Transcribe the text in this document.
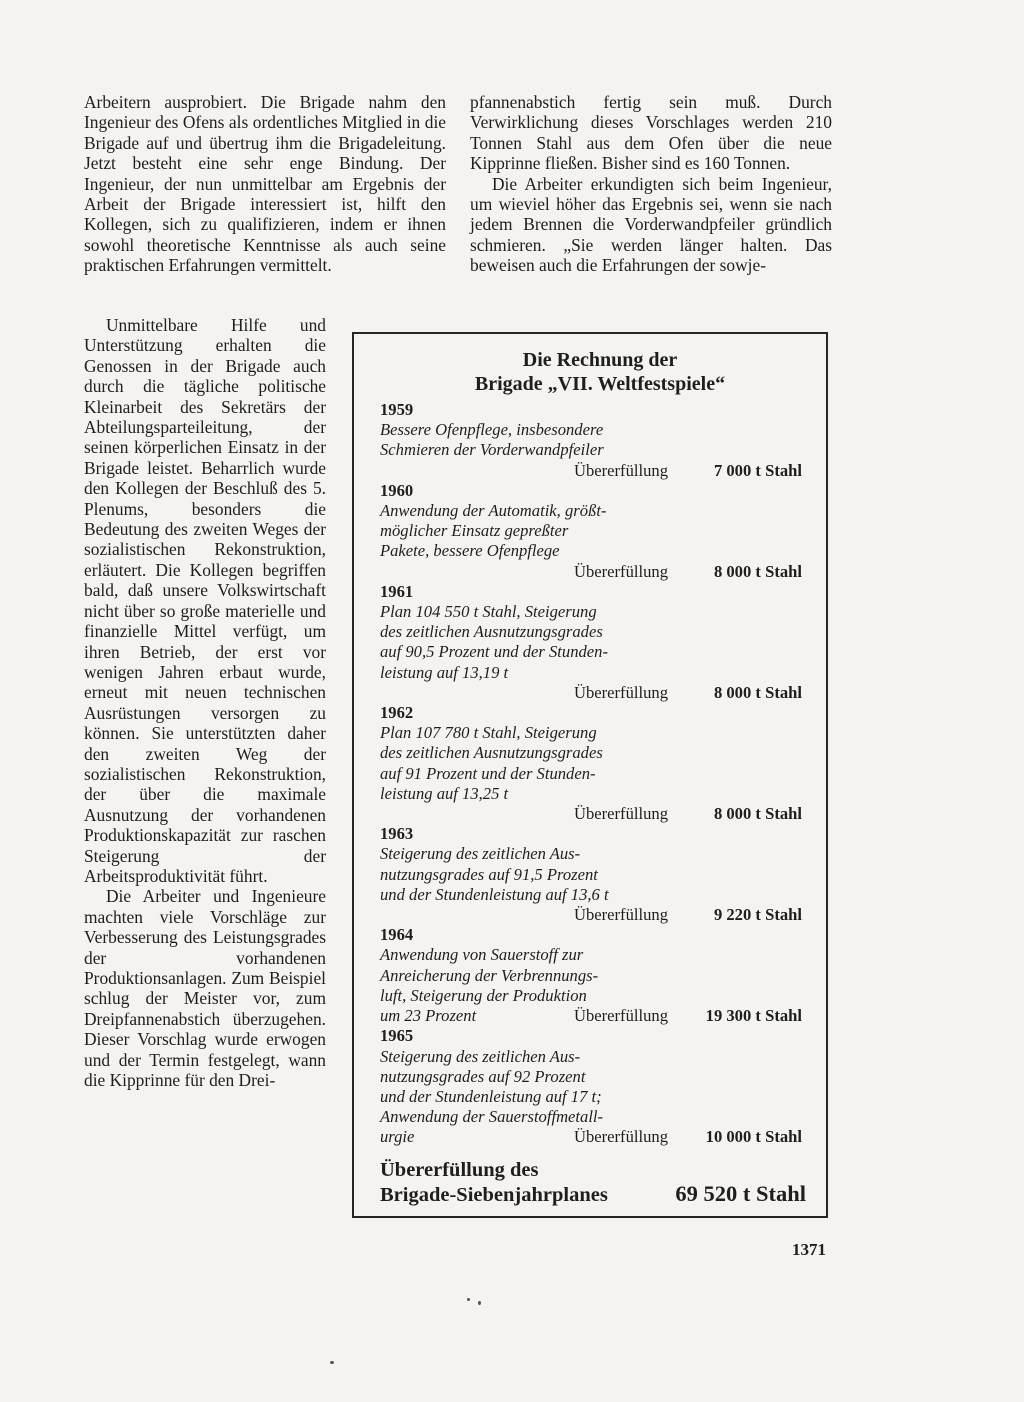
Arbeitern ausprobiert. Die Brigade nahm den Ingenieur des Ofens als ordentliches Mitglied in die Brigade auf und übertrug ihm die Brigadeleitung. Jetzt besteht eine sehr enge Bindung. Der Ingenieur, der nun unmittelbar am Ergebnis der Arbeit der Brigade interessiert ist, hilft den Kollegen, sich zu qualifizieren, indem er ihnen sowohl theoretische Kenntnisse als auch seine praktischen Erfahrungen vermittelt.

pfannenabstich fertig sein muß. Durch Verwirklichung dieses Vorschlages werden 210 Tonnen Stahl aus dem Ofen über die neue Kipprinne fließen. Bisher sind es 160 Tonnen.

Die Arbeiter erkundigten sich beim Ingenieur, um wieviel höher das Ergebnis sei, wenn sie nach jedem Brennen die Vorderwandpfeiler gründlich schmieren. „Sie werden länger halten. Das beweisen auch die Erfahrungen der sowje-

Unmittelbare Hilfe und Unterstützung erhalten die Genossen in der Brigade auch durch die tägliche politische Kleinarbeit des Sekretärs der Abteilungsparteileitung, der seinen körperlichen Einsatz in der Brigade leistet. Beharrlich wurde den Kollegen der Beschluß des 5. Plenums, besonders die Bedeutung des zweiten Weges der sozialistischen Rekonstruktion, erläutert. Die Kollegen begriffen bald, daß unsere Volkswirtschaft nicht über so große materielle und finanzielle Mittel verfügt, um ihren Betrieb, der erst vor wenigen Jahren erbaut wurde, erneut mit neuen technischen Ausrüstungen versorgen zu können. Sie unterstützten daher den zweiten Weg der sozialistischen Rekonstruktion, der über die maximale Ausnutzung der vorhandenen Produktionskapazität zur raschen Steigerung der Arbeitsproduktivität führt.

Die Arbeiter und Ingenieure machten viele Vorschläge zur Verbesserung des Leistungsgrades der vorhandenen Produktionsanlagen. Zum Beispiel schlug der Meister vor, zum Dreipfannenabstich überzugehen. Dieser Vorschlag wurde erwogen und der Termin festgelegt, wann die Kipprinne für den Drei-

Die Rechnung der
Brigade „VII. Weltfestspiele“
1959
Bessere Ofenpflege, insbesondere
Schmieren der Vorderwandpfeiler
Übererfüllung	7 000 t Stahl
1960
Anwendung der Automatik, größt-
möglicher Einsatz gepreßter
Pakete, bessere Ofenpflege
Übererfüllung	8 000 t Stahl
1961
Plan 104 550 t Stahl, Steigerung
des zeitlichen Ausnutzungsgrades
auf 90,5 Prozent und der Stunden-
leistung auf 13,19 t
Übererfüllung	8 000 t Stahl
1962
Plan 107 780 t Stahl, Steigerung
des zeitlichen Ausnutzungsgrades
auf 91 Prozent und der Stunden-
leistung auf 13,25 t
Übererfüllung	8 000 t Stahl
1963
Steigerung des zeitlichen Aus-
nutzungsgrades auf 91,5 Prozent
und der Stundenleistung auf 13,6 t
Übererfüllung	9 220 t Stahl
1964
Anwendung von Sauerstoff zur
Anreicherung der Verbrennungs-
luft, Steigerung der Produktion
um 23 Prozent	Übererfüllung	19 300 t Stahl
1965
Steigerung des zeitlichen Aus-
nutzungsgrades auf 92 Prozent
und der Stundenleistung auf 17 t;
Anwendung der Sauerstoffmetall-
urgie	Übererfüllung	10 000 t Stahl
Übererfüllung des
Brigade-Siebenjahrplanes	69 520 t Stahl
1371
